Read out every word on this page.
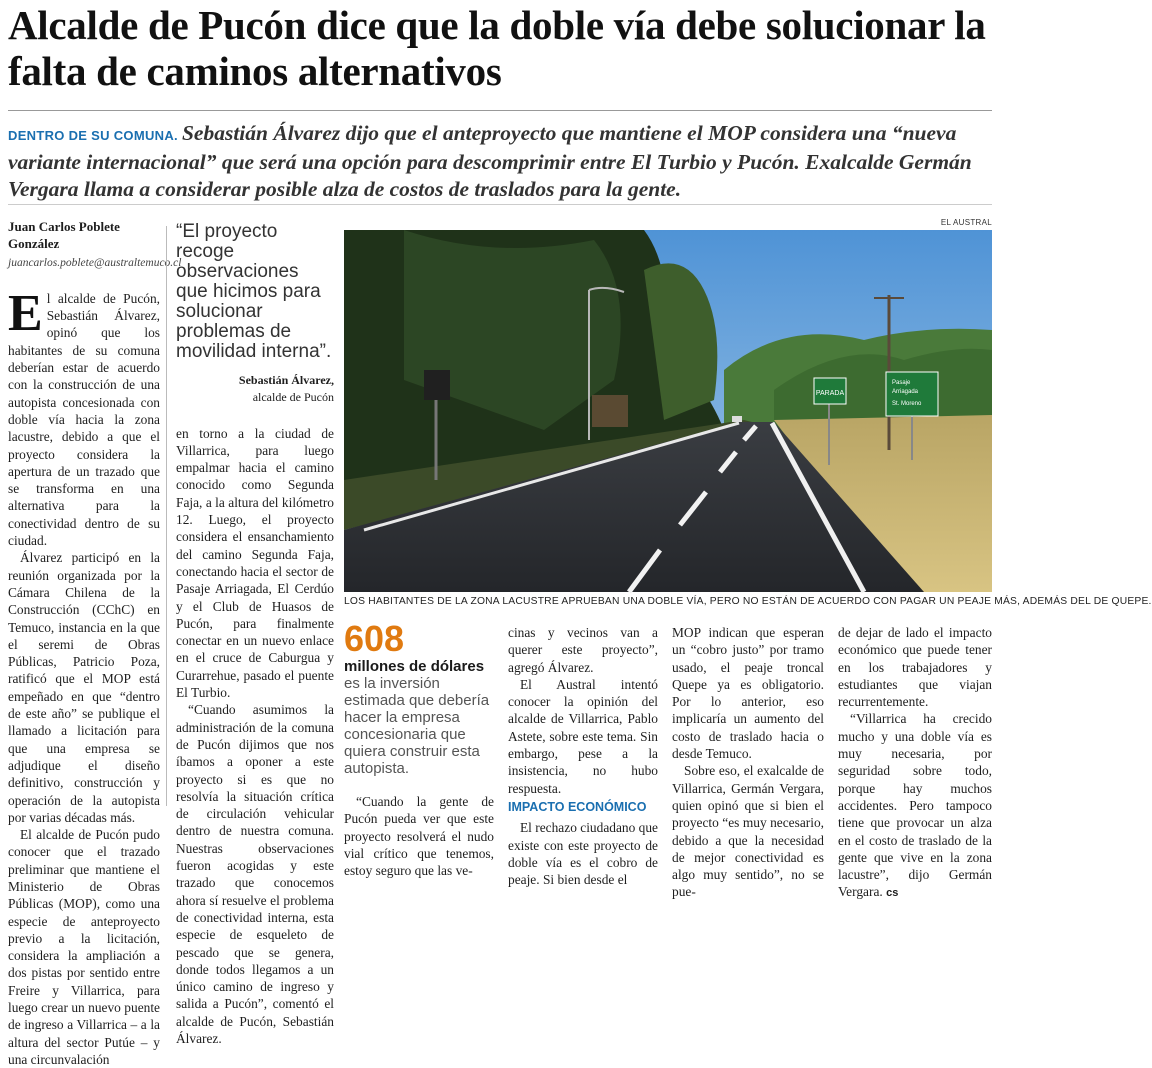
Alcalde de Pucón dice que la doble vía debe solucionar la falta de caminos alternativos
DENTRO DE SU COMUNA. Sebastián Álvarez dijo que el anteproyecto que mantiene el MOP considera una “nueva variante internacional” que será una opción para descomprimir entre El Turbio y Pucón. Exalcalde Germán Vergara llama a considerar posible alza de costos de traslados para la gente.
Juan Carlos Poblete González
juancarlos.poblete@australtemuco.cl

El alcalde de Pucón, Sebastián Álvarez, opinó que los habitantes de su comuna deberían estar de acuerdo con la construcción de una autopista concesionada con doble vía hacia la zona lacustre, debido a que el proyecto considera la apertura de un trazado que se transforma en una alternativa para la conectividad dentro de su ciudad.

Álvarez participó en la reunión organizada por la Cámara Chilena de la Construcción (CChC) en Temuco, instancia en la que el seremi de Obras Públicas, Patricio Poza, ratificó que el MOP está empeñado en que “dentro de este año” se publique el llamado a licitación para que una empresa se adjudique el diseño definitivo, construcción y operación de la autopista por varias décadas más.

El alcalde de Pucón pudo conocer que el trazado preliminar que mantiene el Ministerio de Obras Públicas (MOP), como una especie de anteproyecto previo a la licitación, considera la ampliación a dos pistas por sentido entre Freire y Villarrica, para luego crear un nuevo puente de ingreso a Villarrica – a la altura del sector Putúe – y una circunvalación

“El proyecto recoge observaciones que hicimos para solucionar problemas de movilidad interna”.
Sebastián Álvarez,
alcalde de Pucón

en torno a la ciudad de Villarrica, para luego empalmar hacia el camino conocido como Segunda Faja, a la altura del kilómetro 12. Luego, el proyecto considera el ensanchamiento del camino Segunda Faja, conectando hacia el sector de Pasaje Arriagada, El Cerdúo y el Club de Huasos de Pucón, para finalmente conectar en un nuevo enlace en el cruce de Caburgua y Curarrehue, pasado el puente El Turbio.

“Cuando asumimos la administración de la comuna de Pucón dijimos que nos íbamos a oponer a este proyecto si es que no resolvía la situación crítica de circulación vehicular dentro de nuestra comuna. Nuestras observaciones fueron acogidas y este trazado que conocemos ahora sí resuelve el problema de conectividad interna, esta especie de esqueleto de pescado que se genera, donde todos llegamos a un único camino de ingreso y salida a Pucón”, comentó el alcalde de Pucón, Sebastián Álvarez.

EL AUSTRAL
PARADA
Pasaje
Arriagada
St. Moreno
LOS HABITANTES DE LA ZONA LACUSTRE APRUEBAN UNA DOBLE VÍA, PERO NO ESTÁN DE ACUERDO CON PAGAR UN PEAJE MÁS, ADEMÁS DEL DE QUEPE.
608
millones de dólares es la inversión estimada que debería hacer la empresa concesionaria que quiera construir esta autopista.

“Cuando la gente de Pucón pueda ver que este proyecto resolverá el nudo vial crítico que tenemos, estoy seguro que las ve-

cinas y vecinos van a querer este proyecto”, agregó Álvarez.

El Austral intentó conocer la opinión del alcalde de Villarrica, Pablo Astete, sobre este tema. Sin embargo, pese a la insistencia, no hubo respuesta.

IMPACTO ECONÓMICO

El rechazo ciudadano que existe con este proyecto de doble vía es el cobro de peaje. Si bien desde el

MOP indican que esperan un “cobro justo” por tramo usado, el peaje troncal Quepe ya es obligatorio. Por lo anterior, eso implicaría un aumento del costo de traslado hacia o desde Temuco.

Sobre eso, el exalcalde de Villarrica, Germán Vergara, quien opinó que si bien el proyecto “es muy necesario, debido a que la necesidad de mejor conectividad es algo muy sentido”, no se pue-

de dejar de lado el impacto económico que puede tener en los trabajadores y estudiantes que viajan recurrentemente.

“Villarrica ha crecido mucho y una doble vía es muy necesaria, por seguridad sobre todo, porque hay muchos accidentes. Pero tampoco tiene que provocar un alza en el costo de traslado de la gente que vive en la zona lacustre”, dijo Germán Vergara. cs
